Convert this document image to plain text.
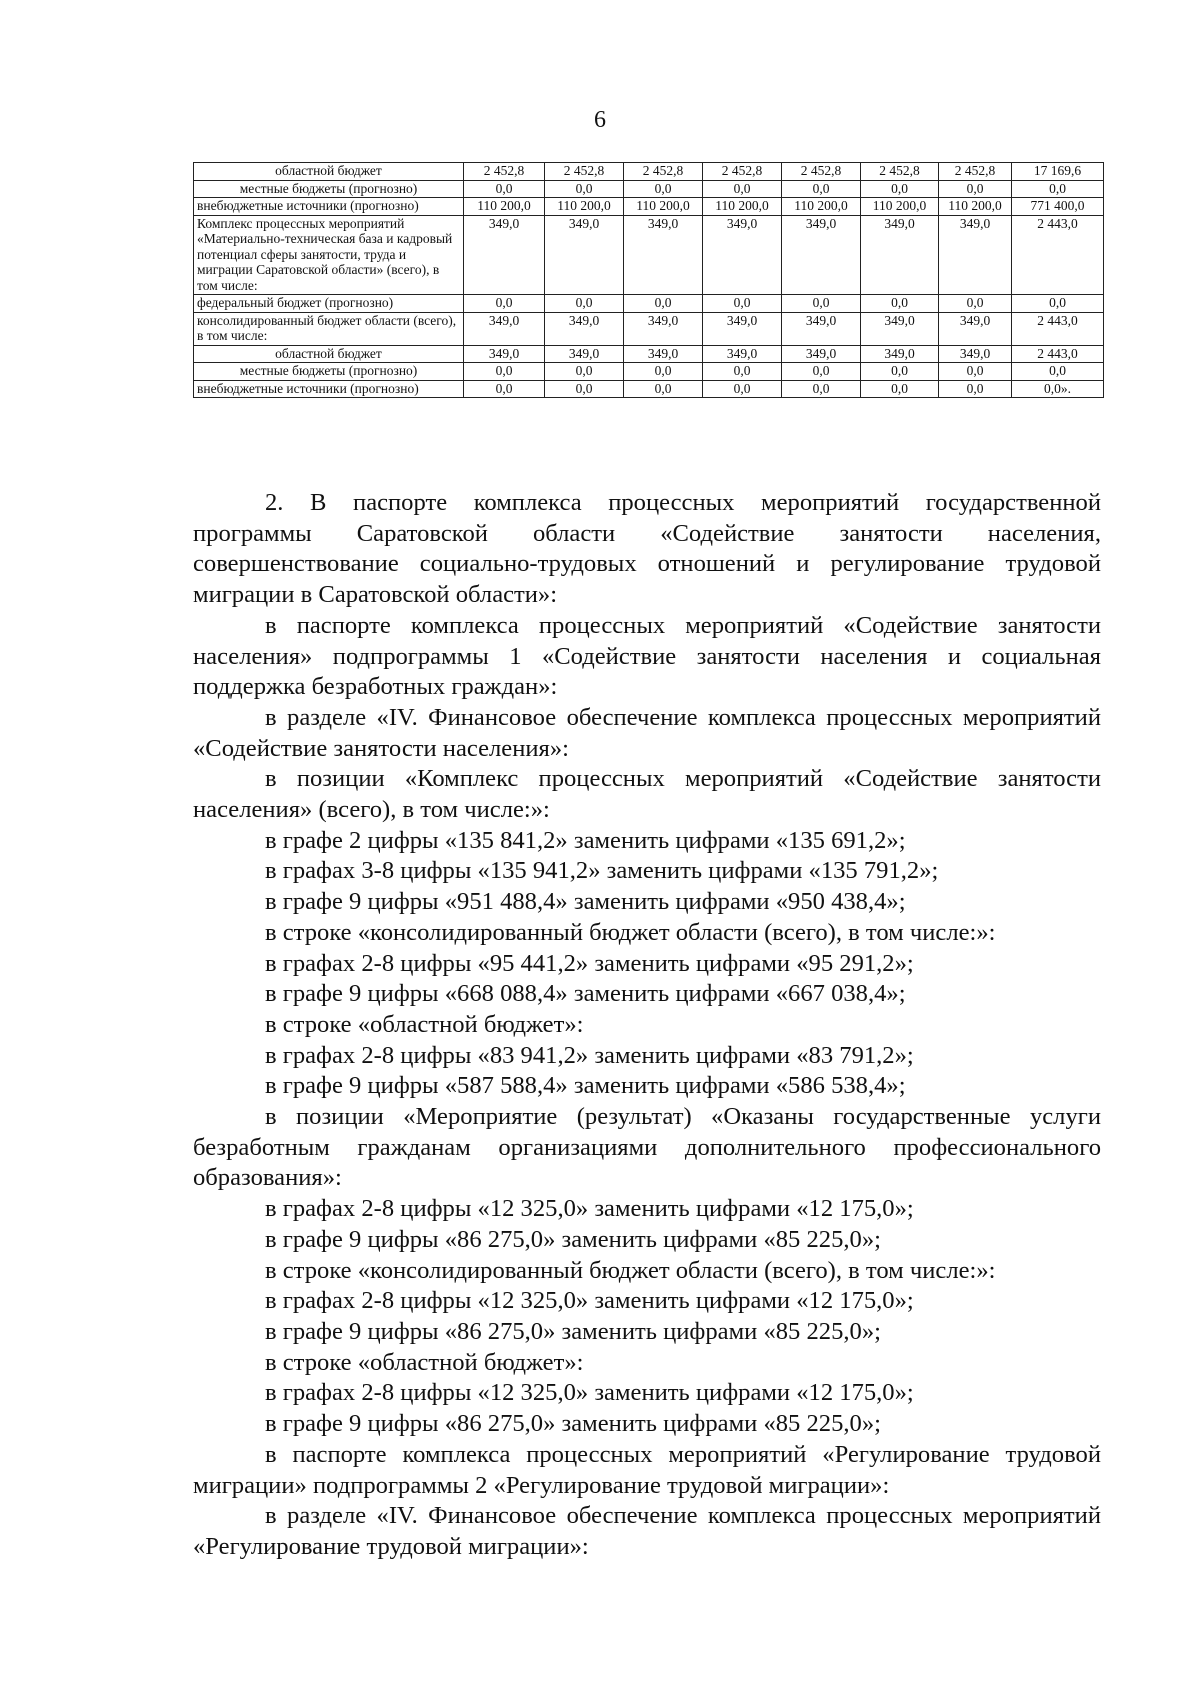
6
областной бюджет	2 452,8	2 452,8	2 452,8	2 452,8	2 452,8	2 452,8	2 452,8	17 169,6
местные бюджеты (прогнозно)	0,0	0,0	0,0	0,0	0,0	0,0	0,0	0,0
внебюджетные источники (прогнозно)	110 200,0	110 200,0	110 200,0	110 200,0	110 200,0	110 200,0	110 200,0	771 400,0
Комплекс процессных мероприятий «Материально-техническая база и кадровый потенциал сферы занятости, труда и миграции Саратовской области» (всего), в том числе:	349,0	349,0	349,0	349,0	349,0	349,0	349,0	2 443,0
федеральный бюджет (прогнозно)	0,0	0,0	0,0	0,0	0,0	0,0	0,0	0,0
консолидированный бюджет области (всего), в том числе:	349,0	349,0	349,0	349,0	349,0	349,0	349,0	2 443,0
областной бюджет	349,0	349,0	349,0	349,0	349,0	349,0	349,0	2 443,0
местные бюджеты (прогнозно)	0,0	0,0	0,0	0,0	0,0	0,0	0,0	0,0
внебюджетные источники (прогнозно)	0,0	0,0	0,0	0,0	0,0	0,0	0,0	0,0».

2. В паспорте комплекса процессных мероприятий государственной программы Саратовской области «Содействие занятости населения, совершенствование социально-трудовых отношений и регулирование трудовой миграции в Саратовской области»:

в паспорте комплекса процессных мероприятий «Содействие занятости населения» подпрограммы 1 «Содействие занятости населения и социальная поддержка безработных граждан»:

в разделе «IV. Финансовое обеспечение комплекса процессных мероприятий «Содействие занятости населения»:

в позиции «Комплекс процессных мероприятий «Содействие занятости населения» (всего), в том числе:»:

в графе 2 цифры «135 841,2» заменить цифрами «135 691,2»;

в графах 3-8 цифры «135 941,2» заменить цифрами «135 791,2»;

в графе 9 цифры «951 488,4» заменить цифрами «950 438,4»;

в строке «консолидированный бюджет области (всего), в том числе:»:

в графах 2-8 цифры «95 441,2» заменить цифрами «95 291,2»;

в графе 9 цифры «668 088,4» заменить цифрами «667 038,4»;

в строке «областной бюджет»:

в графах 2-8 цифры «83 941,2» заменить цифрами «83 791,2»;

в графе 9 цифры «587 588,4» заменить цифрами «586 538,4»;

в позиции «Мероприятие (результат) «Оказаны государственные услуги безработным гражданам организациями дополнительного профессионального образования»:

в графах 2-8 цифры «12 325,0» заменить цифрами «12 175,0»;

в графе 9 цифры «86 275,0» заменить цифрами «85 225,0»;

в строке «консолидированный бюджет области (всего), в том числе:»:

в графах 2-8 цифры «12 325,0» заменить цифрами «12 175,0»;

в графе 9 цифры «86 275,0» заменить цифрами «85 225,0»;

в строке «областной бюджет»:

в графах 2-8 цифры «12 325,0» заменить цифрами «12 175,0»;

в графе 9 цифры «86 275,0» заменить цифрами «85 225,0»;

в паспорте комплекса процессных мероприятий «Регулирование трудовой миграции» подпрограммы 2 «Регулирование трудовой миграции»:

в разделе «IV. Финансовое обеспечение комплекса процессных мероприятий «Регулирование трудовой миграции»:
